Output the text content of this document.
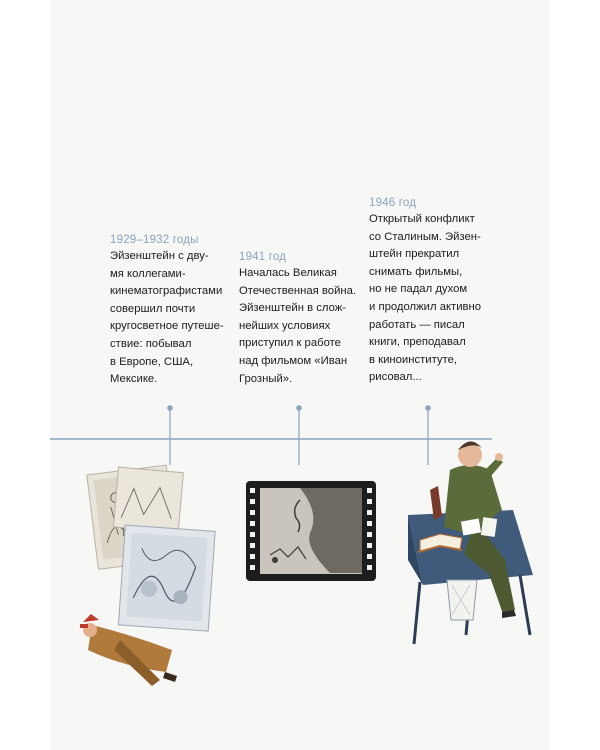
1929–1932 годы
Эйзенштейн с дву-
мя коллегами-
кинематографистами
совершил почти
кругосветное путеше-
ствие: побывал
в Европе, США,
Мексике.
1941 год
Началась Великая
Отечественная война.
Эйзенштейн в слож-
нейших условиях
приступил к работе
над фильмом «Иван
Грозный».
1946 год
Открытый конфликт
со Сталиным. Эйзен-
штейн прекратил
снимать фильмы,
но не падал духом
и продолжил активно
работать — писал
книги, преподавал
в киноинституте,
рисовал...
